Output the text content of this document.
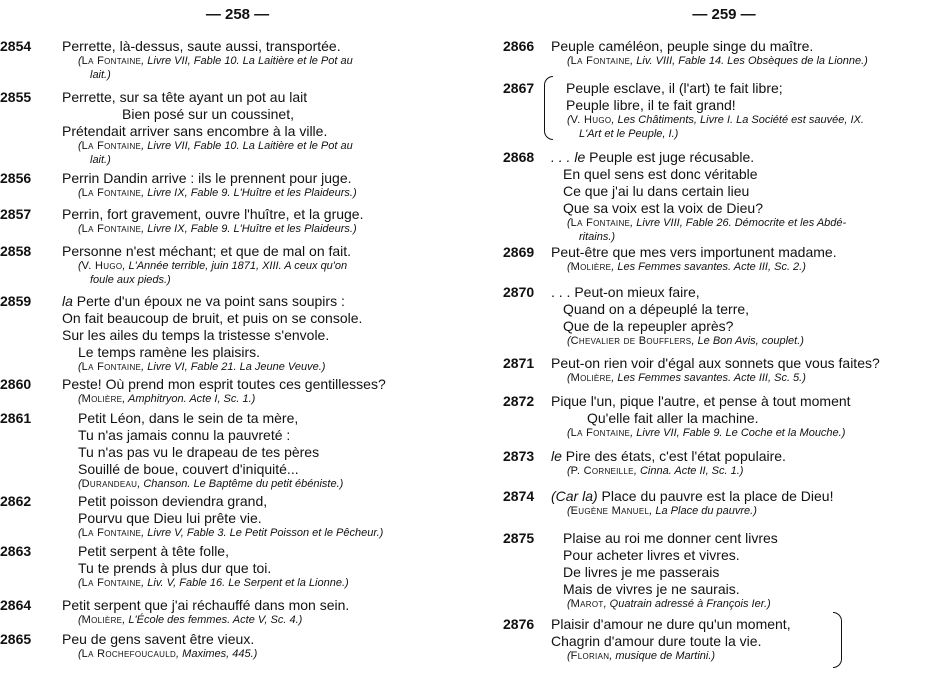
— 258 —
2854 Perrette, là-dessus, saute aussi, transportée.
(La Fontaine, Livre VII, Fable 10. La Laitière et le Pot au
lait.)
2855 Perrette, sur sa tête ayant un pot au lait
Bien posé sur un coussinet,
Prétendait arriver sans encombre à la ville.
(La Fontaine, Livre VII, Fable 10. La Laitière et le Pot au
lait.)
2856 Perrin Dandin arrive : ils le prennent pour juge.
(La Fontaine, Livre IX, Fable 9. L'Huître et les Plaideurs.)
2857 Perrin, fort gravement, ouvre l'huître, et la gruge.
(La Fontaine, Livre IX, Fable 9. L'Huître et les Plaideurs.)
2858 Personne n'est méchant; et que de mal on fait.
(V. Hugo, L'Année terrible, juin 1871, XIII. A ceux qu'on
foule aux pieds.)
2859 la Perte d'un époux ne va point sans soupirs :
On fait beaucoup de bruit, et puis on se console.
Sur les ailes du temps la tristesse s'envole.
Le temps ramène les plaisirs.
(La Fontaine, Livre VI, Fable 21. La Jeune Veuve.)
2860 Peste! Où prend mon esprit toutes ces gentillesses?
(Molière, Amphitryon. Acte I, Sc. 1.)
2861	Petit Léon, dans le sein de ta mère,
Tu n'as jamais connu la pauvreté :
Tu n'as pas vu le drapeau de tes pères
Souillé de boue, couvert d'iniquité...
(Durandeau, Chanson. Le Baptême du petit ébéniste.)
2862	Petit poisson deviendra grand,
Pourvu que Dieu lui prête vie.
(La Fontaine, Livre V, Fable 3. Le Petit Poisson et le Pêcheur.)
2863	Petit serpent à tête folle,
Tu te prends à plus dur que toi.
(La Fontaine, Liv. V, Fable 16. Le Serpent et la Lionne.)
2864 Petit serpent que j'ai réchauffé dans mon sein.
(Molière, L'École des femmes. Acte V, Sc. 4.)
2865 Peu de gens savent être vieux.
(La Rochefoucauld, Maximes, 445.)
— 259 —
2866 Peuple caméléon, peuple singe du maître.
(La Fontaine, Liv. VIII, Fable 14. Les Obsèques de la Lionne.)
2867 Peuple esclave, il (l'art) te fait libre;
Peuple libre, il te fait grand!
(V. Hugo, Les Châtiments, Livre I. La Société est sauvée, IX.
L'Art et le Peuple, I.)
2868 . . . le Peuple est juge récusable.
En quel sens est donc véritable
Ce que j'ai lu dans certain lieu
Que sa voix est la voix de Dieu?
(La Fontaine, Livre VIII, Fable 26. Démocrite et les Abdé-
ritains.)
2869 Peut-être que mes vers importunent madame.
(Molière, Les Femmes savantes. Acte III, Sc. 2.)
2870 . . . Peut-on mieux faire,
Quand on a dépeuplé la terre,
Que de la repeupler après?
(Chevalier de Boufflers, Le Bon Avis, couplet.)
2871 Peut-on rien voir d'égal aux sonnets que vous faites?
(Molière, Les Femmes savantes. Acte III, Sc. 5.)
2872 Pique l'un, pique l'autre, et pense à tout moment
Qu'elle fait aller la machine.
(La Fontaine, Livre VII, Fable 9. Le Coche et la Mouche.)
2873 le Pire des états, c'est l'état populaire.
(P. Corneille, Cinna. Acte II, Sc. 1.)
2874 (Car la) Place du pauvre est la place de Dieu!
(Eugène Manuel, La Place du pauvre.)
2875 Plaise au roi me donner cent livres
Pour acheter livres et vivres.
De livres je me passerais
Mais de vivres je ne saurais.
(Marot, Quatrain adressé à François Ier.)
2876 Plaisir d'amour ne dure qu'un moment,
Chagrin d'amour dure toute la vie.
(Florian, musique de Martini.)
